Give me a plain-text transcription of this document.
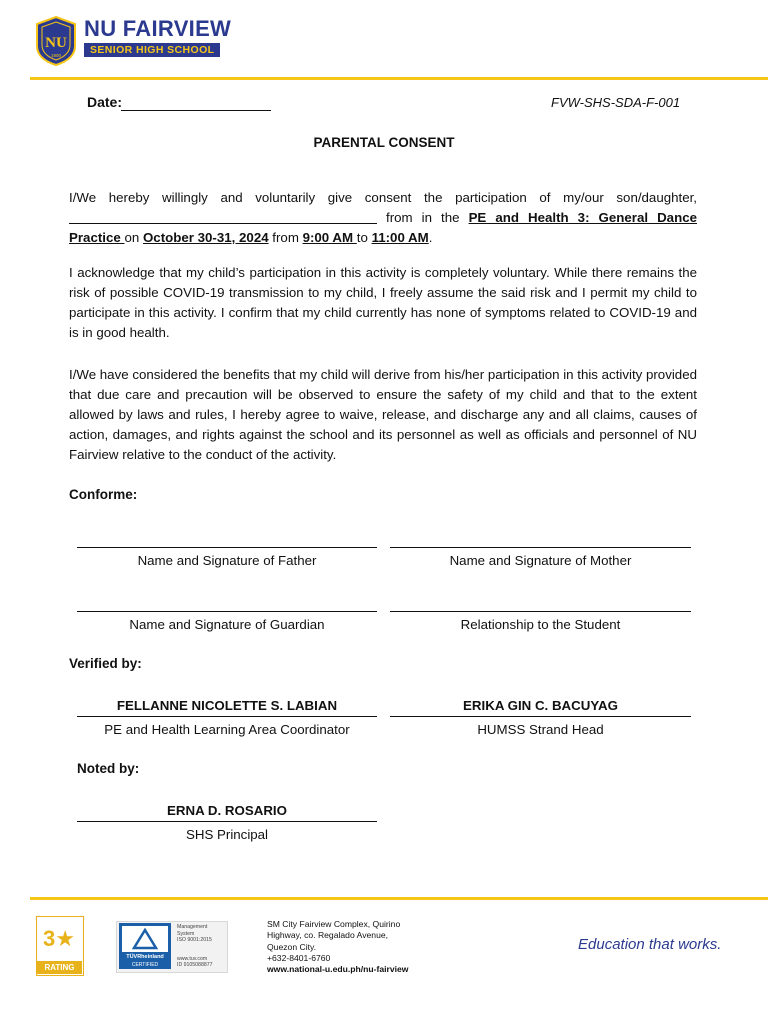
NU
1900
NU FAIRVIEW
SENIOR HIGH SCHOOL
Date:	FVW-SHS-SDA-F-001
PARENTAL CONSENT
I/We hereby willingly and voluntarily give consent the participation of my/our son/daughter,  from in the PE and Health 3: General Dance Practice on October 30-31, 2024 from 9:00 AM to 11:00 AM.
I acknowledge that my child’s participation in this activity is completely voluntary. While there remains the risk of possible COVID-19 transmission to my child, I freely assume the said risk and I permit my child to participate in this activity. I confirm that my child currently has none of symptoms related to COVID-19 and is in good health.
I/We have considered the benefits that my child will derive from his/her participation in this activity provided that due care and precaution will be observed to ensure the safety of my child and that to the extent allowed by laws and rules, I hereby agree to waive, release, and discharge any and all claims, causes of action, damages, and rights against the school and its personnel as well as officials and personnel of NU Fairview relative to the conduct of the activity.
Conforme:
Name and Signature of Father	Name and Signature of Mother
Name and Signature of Guardian	Relationship to the Student
Verified by:
FELLANNE NICOLETTE S. LABIAN
PE and Health Learning Area Coordinator
ERIKA GIN C. BACUYAG
HUMSS Strand Head
Noted by:
ERNA D. ROSARIO
SHS Principal
3★
RATING
TÜVRheinland
CERTIFIED
Management
System
ISO 9001:2015
www.tuv.com
ID 9105088877
SM City Fairview Complex, Quirino
Highway, co. Regalado Avenue,
Quezon City.
+632-8401-6760
www.national-u.edu.ph/nu-fairview
Education that works.
